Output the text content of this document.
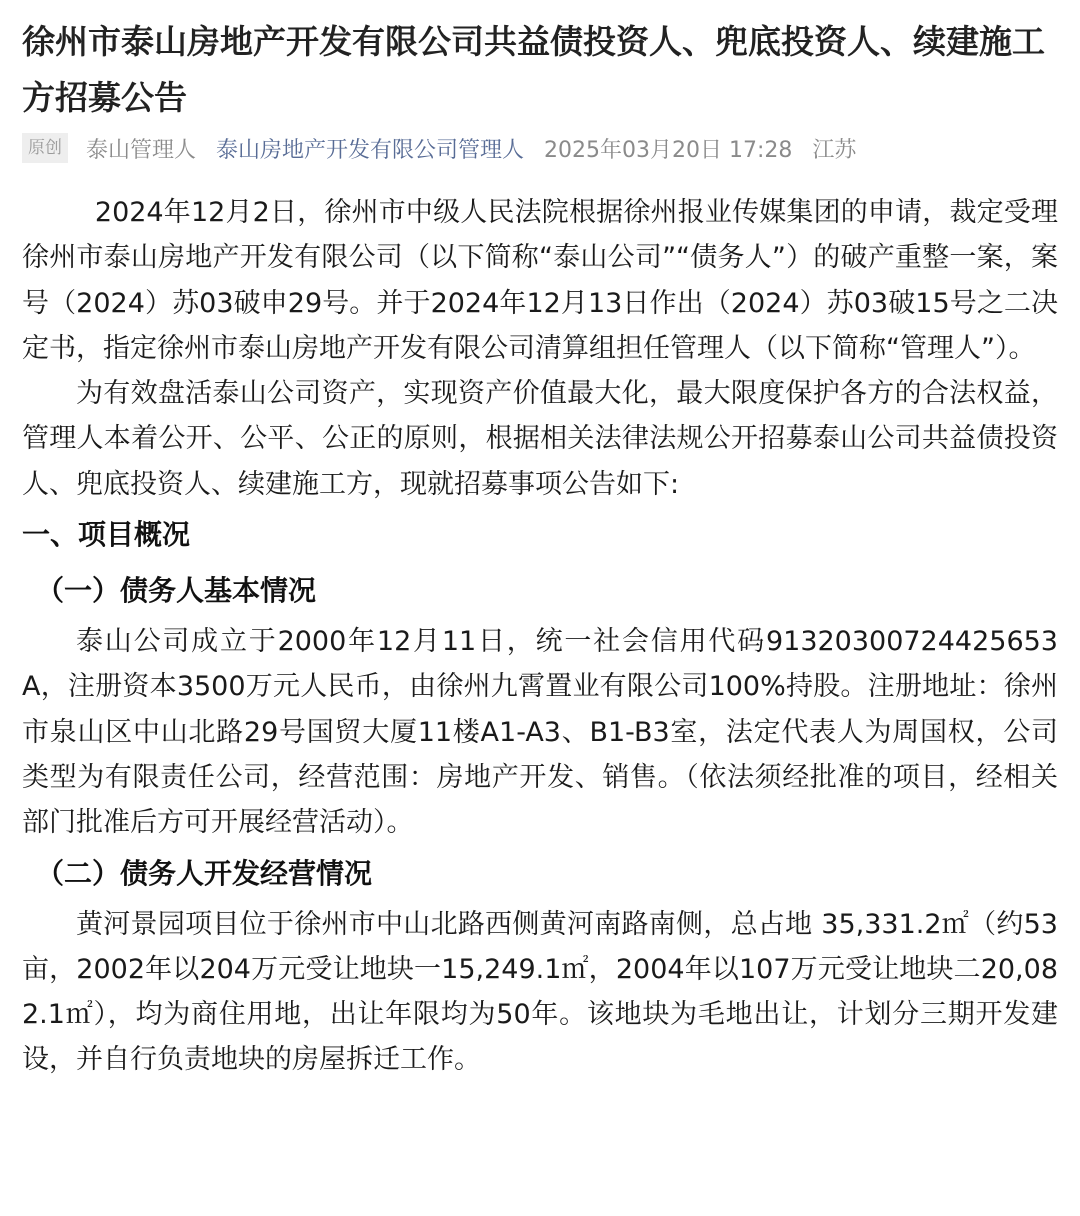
徐州市泰山房地产开发有限公司共益债投资人、兜底投资人、续建施工方招募公告
原创 泰山管理人 泰山房地产开发有限公司管理人 2025年03月20日 17:28 江苏

2024年12月2日，徐州市中级人民法院根据徐州报业传媒集团的申请，裁定受理徐州市泰山房地产开发有限公司（以下简称“泰山公司”“债务人”）的破产重整一案，案号（2024）苏03破申29号。并于2024年12月13日作出（2024）苏03破15号之二决定书，指定徐州市泰山房地产开发有限公司清算组担任管理人（以下简称“管理人”）。

为有效盘活泰山公司资产，实现资产价值最大化，最大限度保护各方的合法权益，管理人本着公开、公平、公正的原则，根据相关法律法规公开招募泰山公司共益债投资人、兜底投资人、续建施工方，现就招募事项公告如下:

一、项目概况
（一）债务人基本情况

泰山公司成立于2000年12月11日，统一社会信用代码91320300724425653A，注册资本3500万元人民币，由徐州九霄置业有限公司100%持股。注册地址：徐州市泉山区中山北路29号国贸大厦11楼A1-A3、B1-B3室，法定代表人为周国权，公司类型为有限责任公司，经营范围：房地产开发、销售。（依法须经批准的项目，经相关部门批准后方可开展经营活动）。

（二）债务人开发经营情况

黄河景园项目位于徐州市中山北路西侧黄河南路南侧，总占地 35,331.2㎡（约53亩，2002年以204万元受让地块一15,249.1㎡，2004年以107万元受让地块二20,082.1㎡），均为商住用地，出让年限均为50年。该地块为毛地出让，计划分三期开发建设，并自行负责地块的房屋拆迁工作。
